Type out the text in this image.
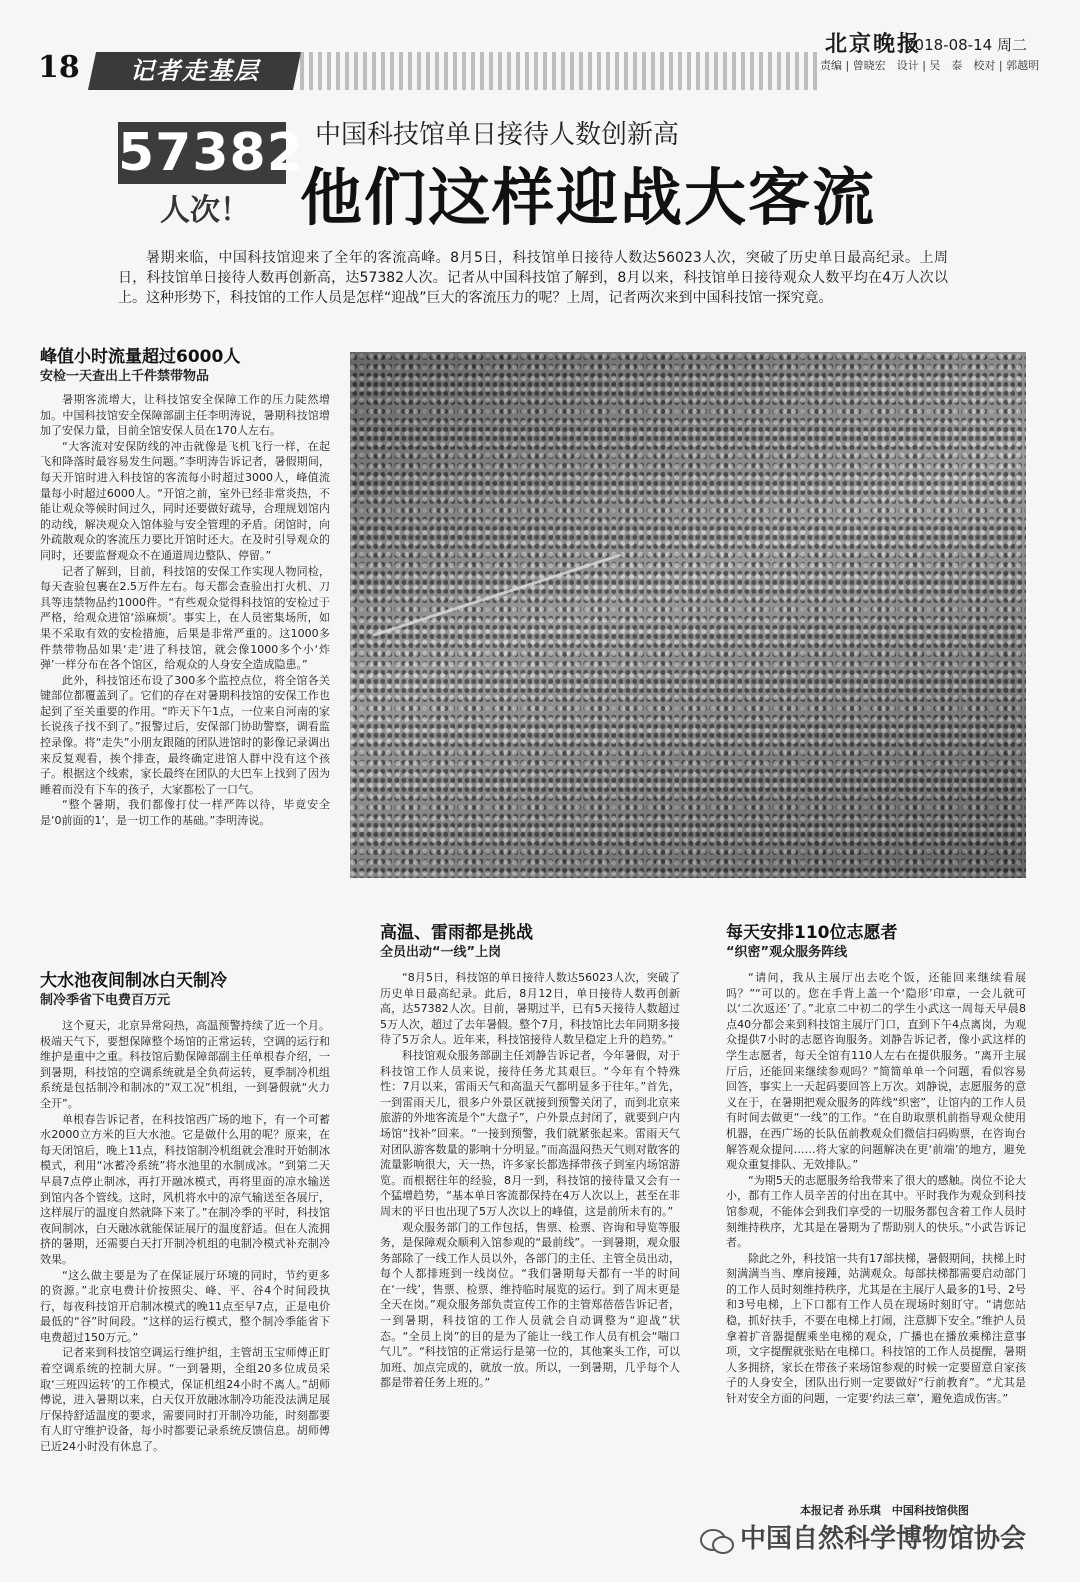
18	记者走基层
北京晚报
2018-08-14 周二
责编 | 曾晓宏　设计 | 吴　泰　校对 | 郭越明
57382
人次！
中国科技馆单日接待人数创新高
他们这样迎战大客流
暑期来临，中国科技馆迎来了全年的客流高峰。8月5日，科技馆单日接待人数达56023人次，突破了历史单日最高纪录。上周日，科技馆单日接待人数再创新高，达57382人次。记者从中国科技馆了解到，8月以来，科技馆单日接待观众人数平均在4万人次以上。这种形势下，科技馆的工作人员是怎样“迎战”巨大的客流压力的呢？上周，记者两次来到中国科技馆一探究竟。
峰值小时流量超过6000人
安检一天查出上千件禁带物品

暑期客流增大，让科技馆安全保障工作的压力陡然增加。中国科技馆安全保障部副主任李明涛说，暑期科技馆增加了安保力量，目前全馆安保人员在170人左右。

“大客流对安保防线的冲击就像是飞机飞行一样，在起飞和降落时最容易发生问题。”李明涛告诉记者，暑假期间，每天开馆时进入科技馆的客流每小时超过3000人，峰值流量每小时超过6000人。“开馆之前，室外已经非常炎热，不能让观众等候时间过久，同时还要做好疏导，合理规划馆内的动线，解决观众入馆体验与安全管理的矛盾。闭馆时，向外疏散观众的客流压力要比开馆时还大。在及时引导观众的同时，还要监督观众不在通道周边整队、停留。”

记者了解到，目前，科技馆的安保工作实现人物同检，每天查验包裹在2.5万件左右。每天都会查验出打火机、刀具等违禁物品约1000件。“有些观众觉得科技馆的安检过于严格，给观众进馆‘添麻烦’。事实上，在人员密集场所，如果不采取有效的安检措施，后果是非常严重的。这1000多件禁带物品如果‘走’进了科技馆，就会像1000多个小‘炸弹’一样分布在各个馆区，给观众的人身安全造成隐患。”

此外，科技馆还布设了300多个监控点位，将全馆各关键部位都覆盖到了。它们的存在对暑期科技馆的安保工作也起到了至关重要的作用。“昨天下午1点，一位来自河南的家长说孩子找不到了。”报警过后，安保部门协助警察，调看监控录像。将“走失”小朋友跟随的团队进馆时的影像记录调出来反复观看，挨个排查，最终确定进馆人群中没有这个孩子。根据这个线索，家长最终在团队的大巴车上找到了因为睡着而没有下车的孩子，大家都松了一口气。

“整个暑期，我们都像打仗一样严阵以待，毕竟安全是‘0前面的1’，是一切工作的基础。”李明涛说。

大水池夜间制冰白天制冷
制冷季省下电费百万元

这个夏天，北京异常闷热，高温预警持续了近一个月。极端天气下，要想保障整个场馆的正常运转，空调的运行和维护是重中之重。科技馆后勤保障部副主任单根春介绍，一到暑期，科技馆的空调系统就是全负荷运转，夏季制冷机组系统是包括制冷和制冰的“双工况”机组，一到暑假就“火力全开”。

单根春告诉记者，在科技馆西广场的地下，有一个可蓄水2000立方米的巨大水池。它是做什么用的呢？原来，在每天闭馆后，晚上11点，科技馆制冷机组就会准时开始制冰模式，利用“冰蓄冷系统”将水池里的水制成冰。“到第二天早晨7点停止制冰，再打开融冰模式，再将里面的凉水输送到馆内各个管线。这时，风机将水中的凉气输送至各展厅，这样展厅的温度自然就降下来了。”在制冷季的平时，科技馆夜间制冰，白天融冰就能保证展厅的温度舒适。但在人流拥挤的暑期，还需要白天打开制冷机组的电制冷模式补充制冷效果。

“这么做主要是为了在保证展厅环境的同时，节约更多的资源。”北京电费计价按照尖、峰、平、谷4个时间段执行，每夜科技馆开启制冰模式的晚11点至早7点，正是电价最低的“谷”时间段。“这样的运行模式，整个制冷季能省下电费超过150万元。”

记者来到科技馆空调运行维护组，主管胡玉宝师傅正盯着空调系统的控制大屏。“一到暑期，全组20多位成员采取‘三班四运转’的工作模式，保证机组24小时不离人。”胡师傅说，进入暑期以来，白天仅开放融冰制冷功能没法满足展厅保持舒适温度的要求，需要同时打开制冷功能，时刻都要有人盯守维护设备，每小时都要记录系统反馈信息。胡师傅已近24小时没有休息了。

高温、雷雨都是挑战
全员出动“一线”上岗

“8月5日，科技馆的单日接待人数达56023人次，突破了历史单日最高纪录。此后，8月12日，单日接待人数再创新高，达57382人次。目前，暑期过半，已有5天接待人数超过5万人次，超过了去年暑假。整个7月，科技馆比去年同期多接待了5万余人。近年来，科技馆接待人数呈稳定上升的趋势。”

科技馆观众服务部副主任刘静告诉记者，今年暑假，对于科技馆工作人员来说，接待任务尤其艰巨。“今年有个特殊性：7月以来，雷雨天气和高温天气都明显多于往年。”首先，一到雷雨天儿，很多户外景区就接到预警关闭了，而到北京来旅游的外地客流是个“大盘子”，户外景点封闭了，就要到户内场馆“找补”回来。“一接到预警，我们就紧张起来。雷雨天气对团队游客数量的影响十分明显。”而高温闷热天气则对散客的流量影响很大，天一热，许多家长都选择带孩子到室内场馆游览。而根据往年的经验，8月一到，科技馆的接待量又会有一个猛增趋势，“基本单日客流都保持在4万人次以上，甚至在非周末的平日也出现了5万人次以上的峰值，这是前所未有的。”

观众服务部门的工作包括，售票、检票、咨询和导览等服务，是保障观众顺利入馆参观的“最前线”。一到暑期，观众服务部除了一线工作人员以外，各部门的主任、主管全员出动，每个人都排班到一线岗位。“我们暑期每天都有一半的时间在‘一线’，售票、检票、维持临时展览的运行。到了周末更是全天在岗。”观众服务部负责宣传工作的主管郑蓓蓓告诉记者，一到暑期，科技馆的工作人员就会自动调整为“迎战”状态。“全员上岗”的目的是为了能让一线工作人员有机会“喘口气儿”。“科技馆的正常运行是第一位的，其他案头工作，可以加班、加点完成的，就放一放。所以，一到暑期，几乎每个人都是带着任务上班的。”

每天安排110位志愿者
“织密”观众服务阵线

“请问，我从主展厅出去吃个饭，还能回来继续看展吗？”“可以的。您在手背上盖一个‘隐形’印章，一会儿就可以‘二次返还’了。”北京二中初二的学生小武这一周每天早晨8点40分都会来到科技馆主展厅门口，直到下午4点离岗，为观众提供7小时的志愿咨询服务。刘静告诉记者，像小武这样的学生志愿者，每天全馆有110人左右在提供服务。“离开主展厅后，还能回来继续参观吗？”简简单单一个问题，看似容易回答，事实上一天起码要回答上万次。刘静说，志愿服务的意义在于，在暑期把观众服务的阵线“织密”，让馆内的工作人员有时间去做更“一线”的工作。“在自助取票机前指导观众使用机器，在西广场的长队伍前教观众们微信扫码购票，在咨询台解答观众提问……将大家的问题解决在更‘前端’的地方，避免观众重复排队、无效排队。”

“为期5天的志愿服务给我带来了很大的感触。岗位不论大小，都有工作人员辛苦的付出在其中。平时我作为观众到科技馆参观，不能体会到我们享受的一切服务都包含着工作人员时刻维持秩序，尤其是在暑期为了帮助别人的快乐。”小武告诉记者。

除此之外，科技馆一共有17部扶梯，暑假期间，扶梯上时刻满满当当、摩肩接踵，站满观众。每部扶梯都需要启动部门的工作人员时刻维持秩序，尤其是在主展厅人最多的1号、2号和3号电梯，上下口都有工作人员在现场时刻盯守。“请您站稳，抓好扶手，不要在电梯上打闹，注意脚下安全。”维护人员拿着扩音器提醒乘坐电梯的观众，广播也在播放乘梯注意事项，文字提醒就张贴在电梯口。科技馆的工作人员提醒，暑期人多拥挤，家长在带孩子来场馆参观的时候一定要留意自家孩子的人身安全，团队出行则一定要做好“行前教育”。“尤其是针对安全方面的问题，一定要‘约法三章’，避免造成伤害。”

本报记者 孙乐琪　中国科技馆供图
中国自然科学博物馆协会
